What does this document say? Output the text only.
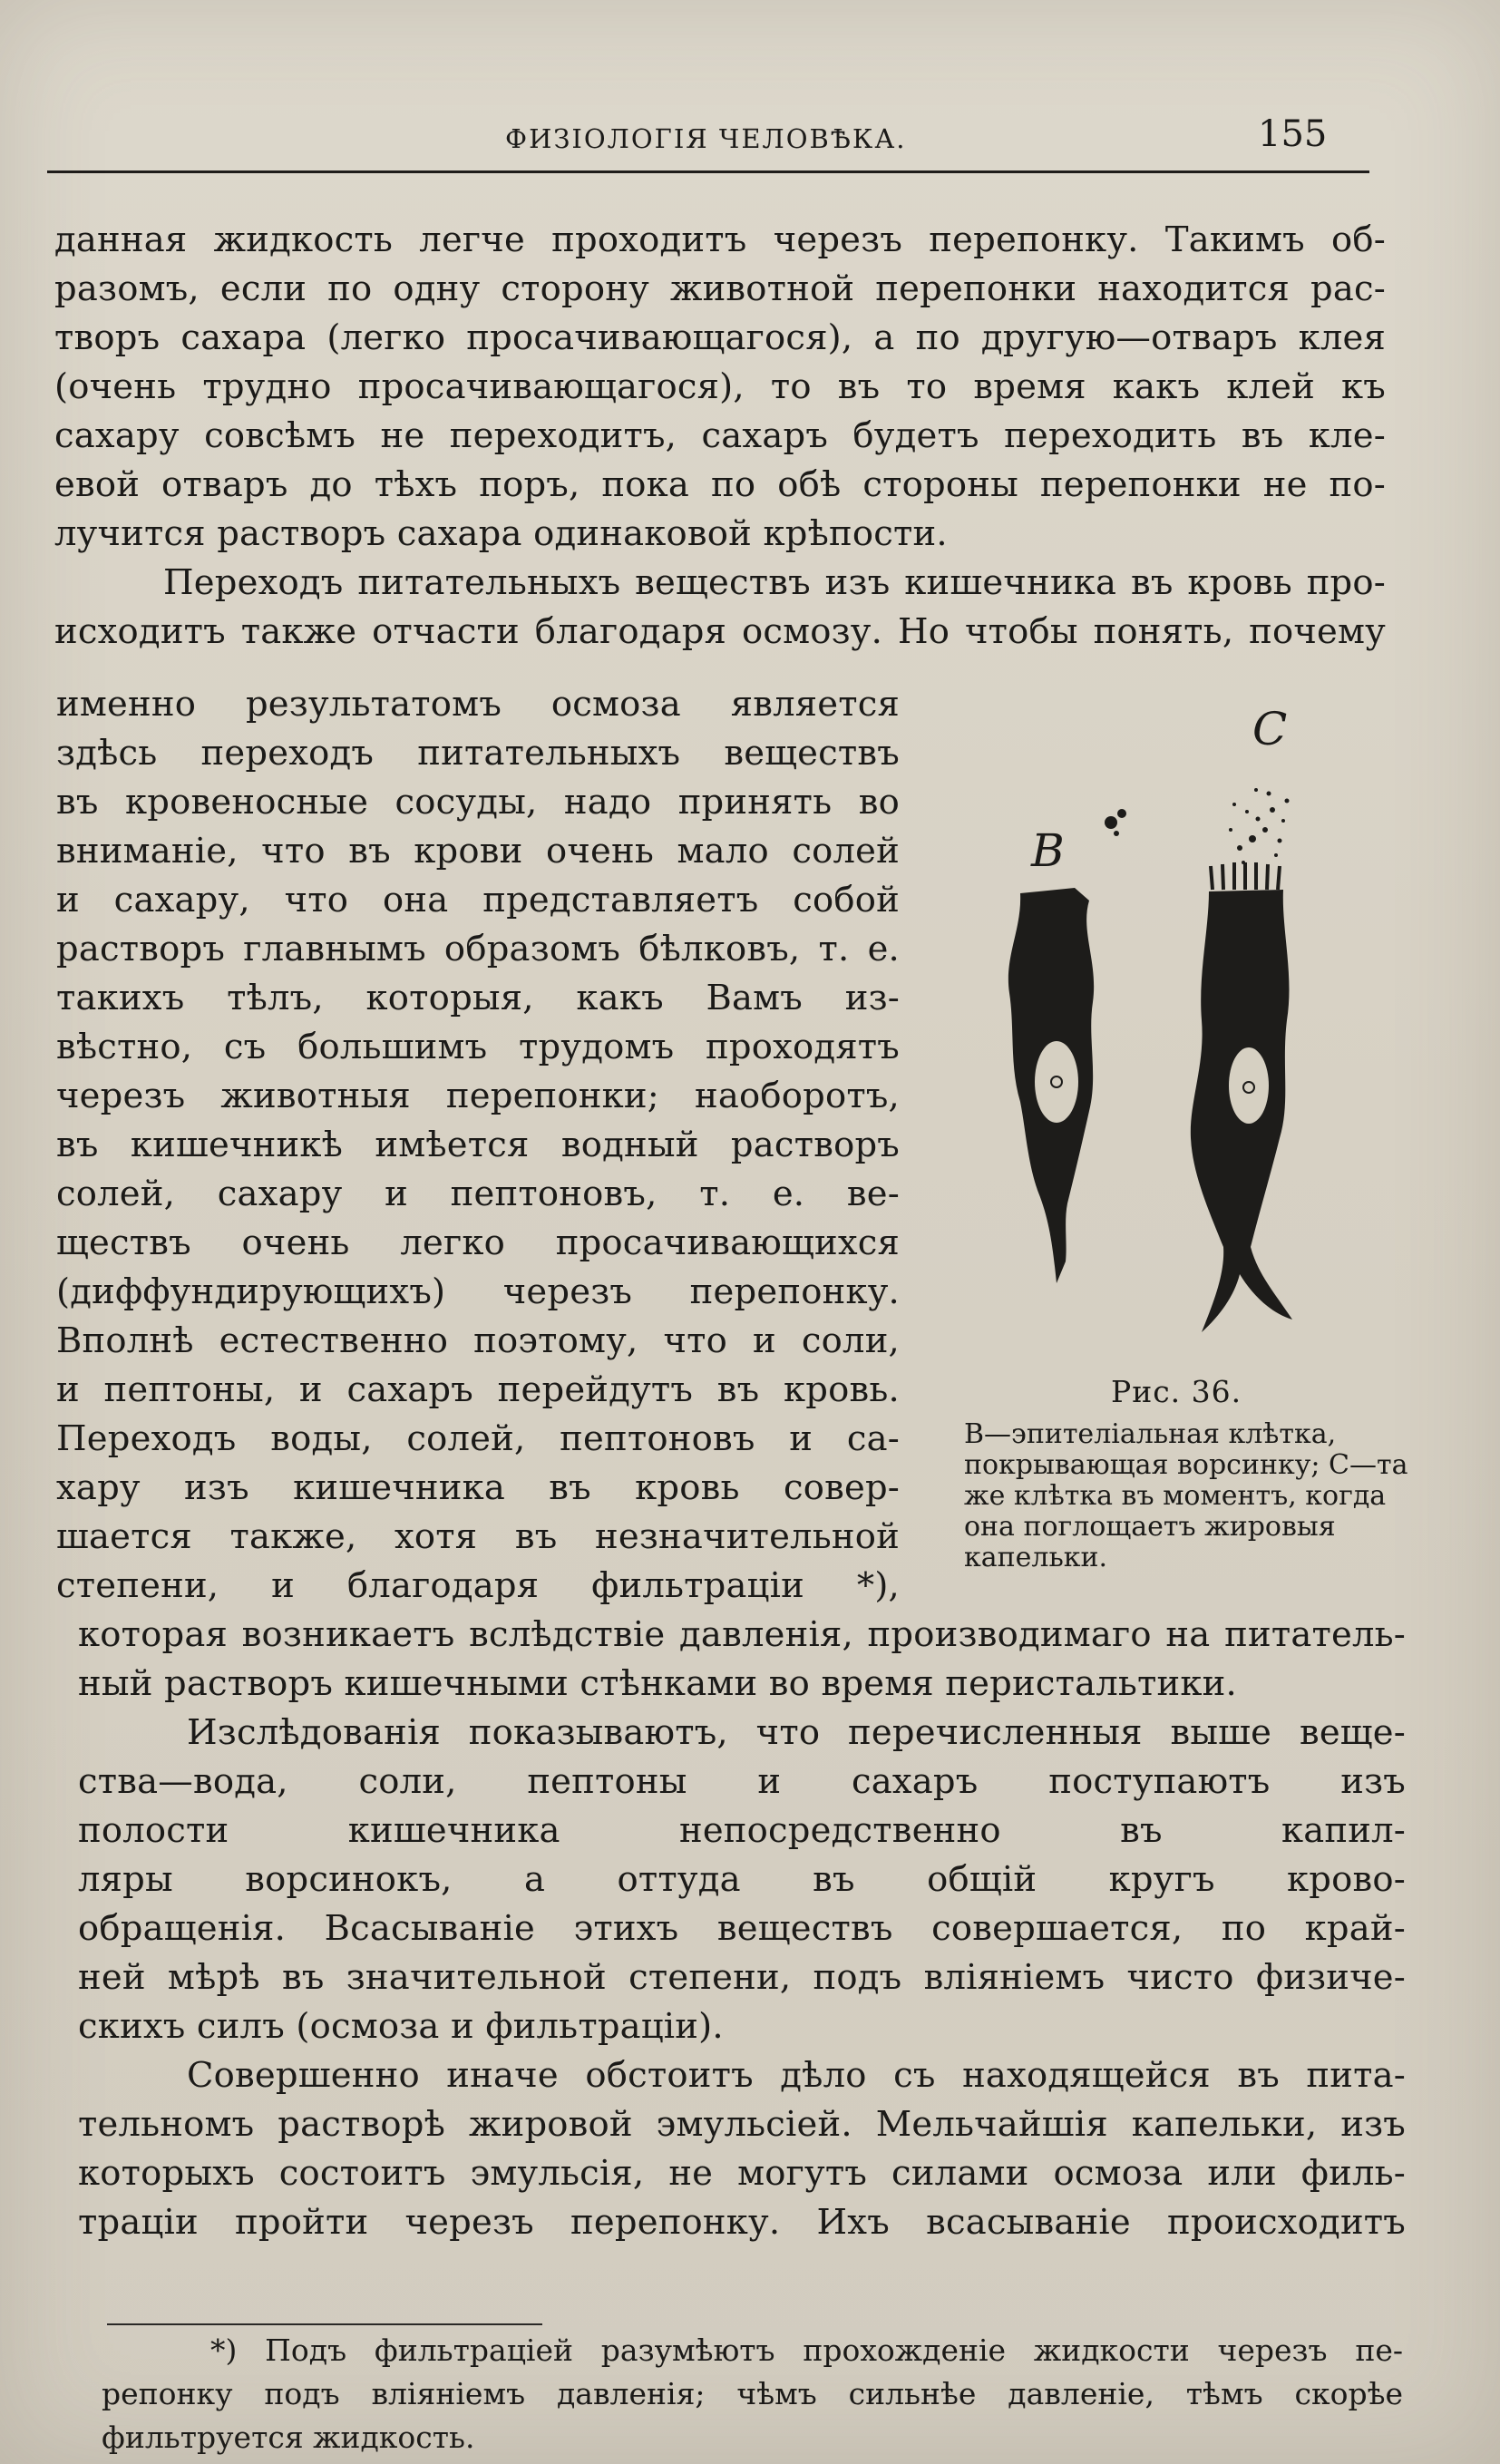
ФИЗІОЛОГІЯ ЧЕЛОВѢКА.	155
данная жидкость легче проходитъ черезъ перепонку. Такимъ об-
разомъ, если по одну сторону животной перепонки находится рас-
творъ сахара (легко просачивающагося), а по другую—отваръ клея
(очень трудно просачивающагося), то въ то время какъ клей къ
сахару совсѣмъ не переходитъ, сахаръ будетъ переходить въ кле-
евой отваръ до тѣхъ поръ, пока по обѣ стороны перепонки не по-
лучится растворъ сахара одинаковой крѣпости.
Переходъ питательныхъ веществъ изъ кишечника въ кровь про-
исходитъ также отчасти благодаря осмозу. Но чтобы понять, почему
именно результатомъ осмоза является
здѣсь переходъ питательныхъ веществъ
въ кровеносные сосуды, надо принять во
вниманіе, что въ крови очень мало солей
и сахару, что она представляетъ собой
растворъ главнымъ образомъ бѣлковъ, т. е.
такихъ тѣлъ, которыя, какъ Вамъ из-
вѣстно, съ большимъ трудомъ проходятъ
черезъ животныя перепонки; наоборотъ,
въ кишечникѣ имѣется водный растворъ
солей, сахару и пептоновъ, т. е. ве-
ществъ очень легко просачивающихся
(диффундирующихъ) черезъ перепонку.
Вполнѣ естественно поэтому, что и соли,
и пептоны, и сахаръ перейдутъ въ кровь.
Переходъ воды, солей, пептоновъ и са-
хару изъ кишечника въ кровь совер-
шается также, хотя въ незначительной
степени, и благодаря фильтраціи *),
B
C
Рис. 36.
B—эпителіальная клѣтка, покрывающая ворсинку; C—та же клѣтка въ моментъ, когда она поглощаетъ жировыя капельки.
которая возникаетъ вслѣдствіе давленія, производимаго на питатель-
ный растворъ кишечными стѣнками во время перистальтики.
Изслѣдованія показываютъ, что перечисленныя выше веще-
ства—вода, соли, пептоны и сахаръ поступаютъ изъ
полости кишечника непосредственно въ капил-
ляры ворсинокъ, а оттуда въ общій кругъ крово-
обращенія. Всасываніе этихъ веществъ совершается, по край-
ней мѣрѣ въ значительной степени, подъ вліяніемъ чисто физиче-
скихъ силъ (осмоза и фильтраціи).
Совершенно иначе обстоитъ дѣло съ находящейся въ пита-
тельномъ растворѣ жировой эмульсіей. Мельчайшія капельки, изъ
которыхъ состоитъ эмульсія, не могутъ силами осмоза или филь-
траціи пройти черезъ перепонку. Ихъ всасываніе происходитъ
*) Подъ фильтраціей разумѣютъ прохожденіе жидкости черезъ пе-
репонку подъ вліяніемъ давленія; чѣмъ сильнѣе давленіе, тѣмъ скорѣе
фильтруется жидкость.
